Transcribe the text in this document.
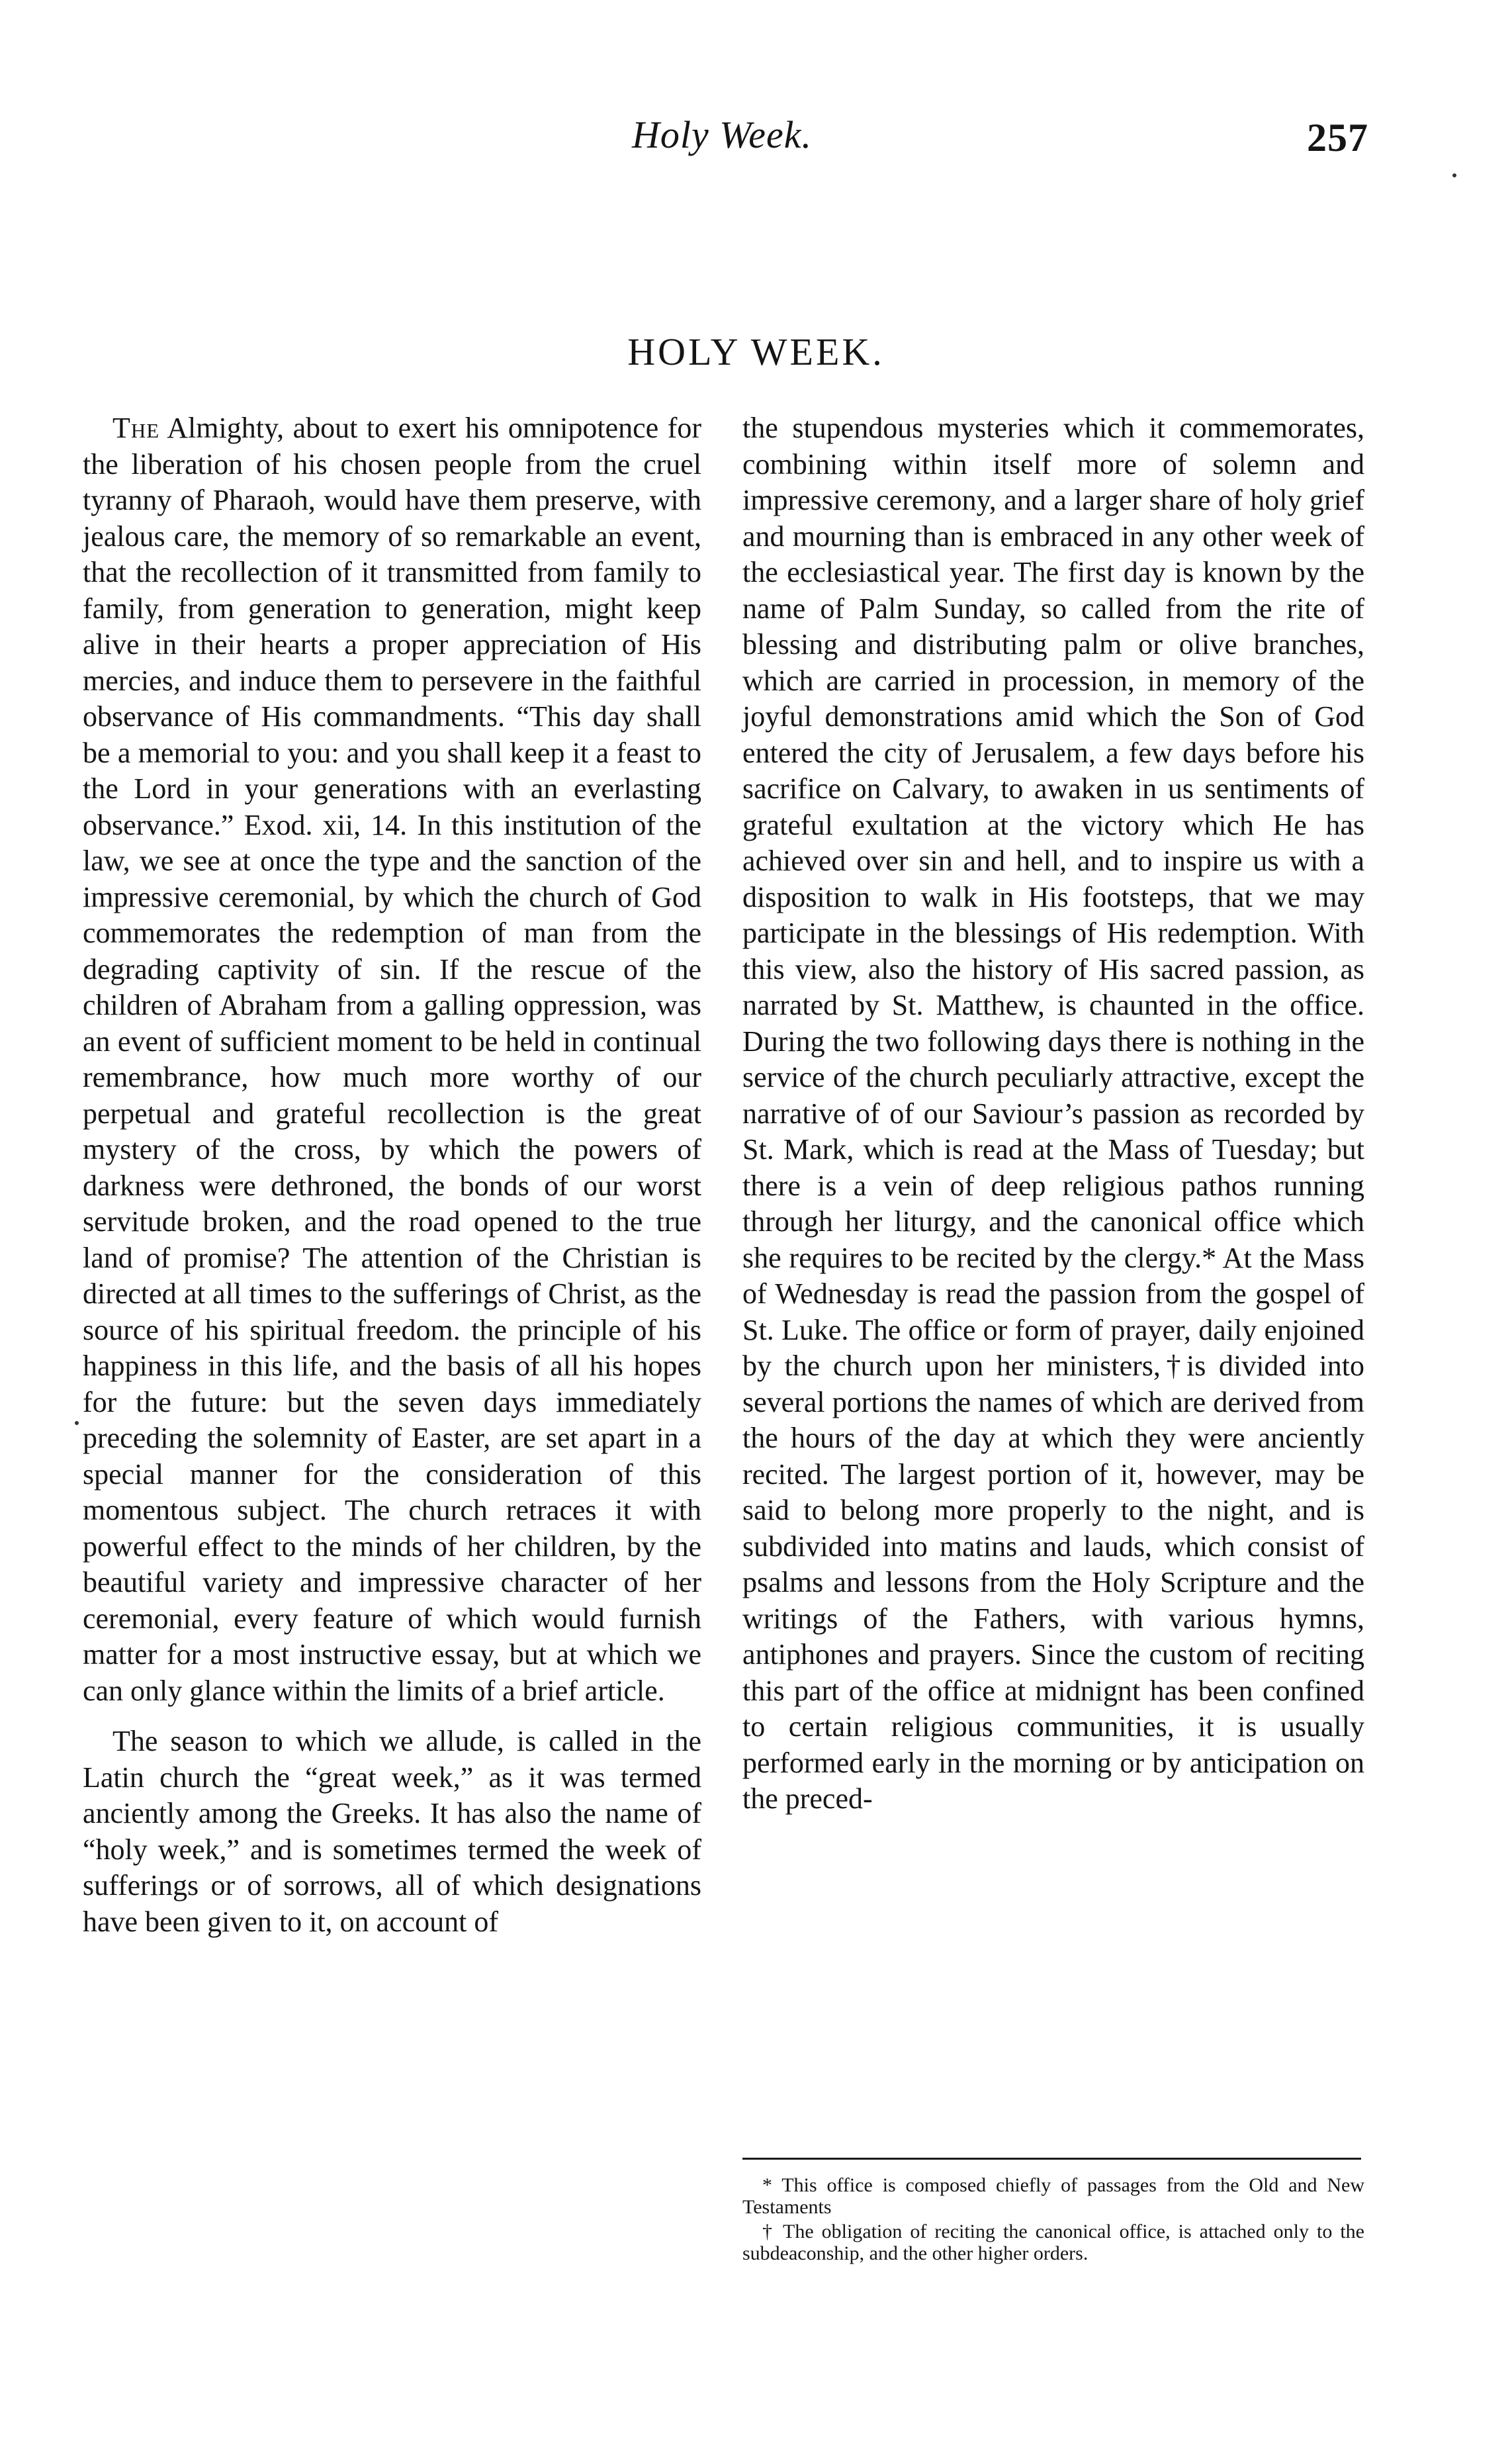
Holy Week.	257
HOLY WEEK.

The Almighty, about to exert his omnipotence for the liberation of his chosen people from the cruel tyranny of Pharaoh, would have them preserve, with jealous care, the memory of so remarkable an event, that the recollection of it transmitted from family to family, from generation to generation, might keep alive in their hearts a proper appreciation of His mercies, and induce them to persevere in the faithful observance of His commandments. “This day shall be a memorial to you: and you shall keep it a feast to the Lord in your generations with an everlasting observance.” Exod. xii, 14. In this institution of the law, we see at once the type and the sanction of the impressive ceremonial, by which the church of God commemorates the redemption of man from the degrading captivity of sin. If the rescue of the children of Abraham from a galling oppression, was an event of sufficient moment to be held in continual remembrance, how much more worthy of our perpetual and grateful recollection is the great mystery of the cross, by which the powers of darkness were dethroned, the bonds of our worst servitude broken, and the road opened to the true land of promise? The attention of the Christian is directed at all times to the sufferings of Christ, as the source of his spiritual freedom. the principle of his happiness in this life, and the basis of all his hopes for the future: but the seven days immediately preceding the solemnity of Easter, are set apart in a special manner for the consideration of this momentous subject. The church retraces it with powerful effect to the minds of her children, by the beautiful variety and impressive character of her ceremonial, every feature of which would furnish matter for a most instructive essay, but at which we can only glance within the limits of a brief article.

The season to which we allude, is called in the Latin church the “great week,” as it was termed anciently among the Greeks. It has also the name of “holy week,” and is sometimes termed the week of sufferings or of sorrows, all of which designations have been given to it, on account of

the stupendous mysteries which it commemorates, combining within itself more of solemn and impressive ceremony, and a larger share of holy grief and mourning than is embraced in any other week of the ecclesiastical year. The first day is known by the name of Palm Sunday, so called from the rite of blessing and distributing palm or olive branches, which are carried in procession, in memory of the joyful demonstrations amid which the Son of God entered the city of Jerusalem, a few days before his sacrifice on Calvary, to awaken in us sentiments of grateful exultation at the victory which He has achieved over sin and hell, and to inspire us with a disposition to walk in His footsteps, that we may participate in the blessings of His redemption. With this view, also the history of His sacred passion, as narrated by St. Matthew, is chaunted in the office. During the two following days there is nothing in the service of the church peculiarly attractive, except the narrative of of our Saviour’s passion as recorded by St. Mark, which is read at the Mass of Tuesday; but there is a vein of deep religious pathos running through her liturgy, and the canonical office which she requires to be recited by the clergy.* At the Mass of Wednesday is read the passion from the gospel of St. Luke. The office or form of prayer, daily enjoined by the church upon her ministers,†is divided into several portions the names of which are derived from the hours of the day at which they were anciently recited. The largest portion of it, however, may be said to belong more properly to the night, and is subdivided into matins and lauds, which consist of psalms and lessons from the Holy Scripture and the writings of the Fathers, with various hymns, antiphones and prayers. Since the custom of reciting this part of the office at midnignt has been confined to certain religious communities, it is usually performed early in the morning or by anticipation on the preced-

* This office is composed chiefly of passages from the Old and New Testaments

† The obligation of reciting the canonical office, is attached only to the subdeaconship, and the other higher orders.
